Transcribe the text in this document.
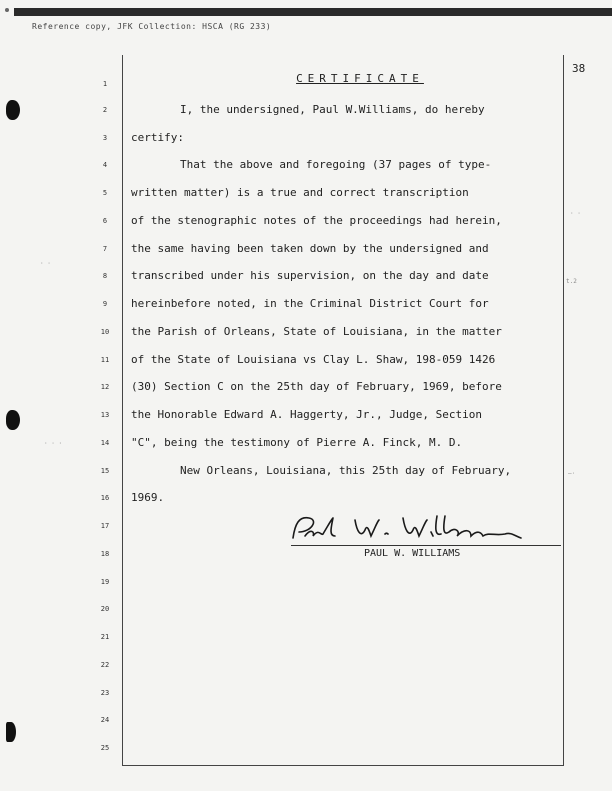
Reference copy, JFK Collection: HSCA (RG 233)
38
CERTIFICATE
1
2
3
4
5
6
7
8
9
10
11
12
13
14
15
16
17
18
19
20
21
22
23
24
25
I, the undersigned, Paul W.Williams, do hereby
certify:
That the above and foregoing (37 pages of type-
written matter) is a true and correct transcription
of the stenographic notes of the proceedings had herein,
the same having been taken down by the undersigned and
transcribed under his supervision, on the day and date
hereinbefore noted, in the Criminal District Court for
the Parish of Orleans, State of Louisiana, in the matter
of the State of Louisiana vs Clay L. Shaw, 198-059 1426
(30) Section C on the 25th day of February, 1969, before
the Honorable Edward A. Haggerty, Jr., Judge, Section
"C", being the testimony of Pierre A. Finck, M. D.
New Orleans, Louisiana, this 25th day of February,
1969.
Paul W. Williams
PAUL W. WILLIAMS
· ·
t.2
—·
· ·
· · ·
